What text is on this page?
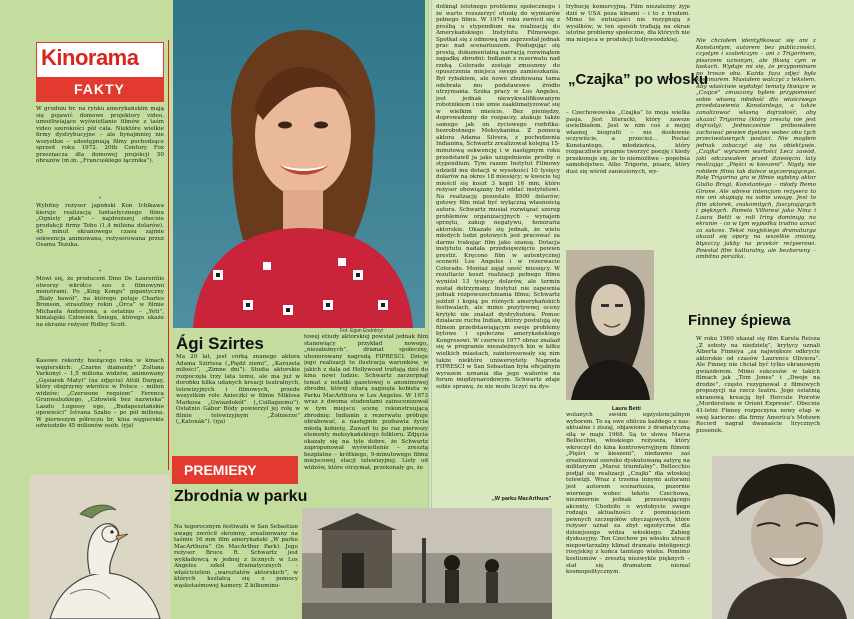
Kinorama
FAKTY

W grudniu br. na rynku amerykańskim mają się pojawić domowe projektory video, umożliwiające wyświetlanie filmów z taśm video szerokości pół cala. Niektóre wielkie firmy dystrybucyjne – ale bynajmniej nie wszystkie – udostępniają filmy pochodzące sprzed roku 1972. 20th Century Fox przeznacza dla domowej projekcji 50 obrazów (m.in. „Francuskiego łącznika”).

*

Wybitny reżyser japoński Kon Ichikawa kieruje realizacją fantastycznego filmu „Ognisty ptak” – najdroższej obecnie produkcji firmy Toho (1,4 miliona dolarów). 45 minut ekranowego czasu zajmie sekwencja animowana, reżyserowana przez Osamu Tezuka.

*

Mówi się, że producent Dino De Laurentiis otworzy wkrótce zoo z filmowymi monstrami. Po „King Kongu” gigantyczny „Biały bawół”, na którego poluje Charles Bronson, straszliwy rekin „Orca” w filmie Michaela Andersona, a ostatnio – „Yeti”, himalajski Człowiek Śniegu, którego ukaże na ekranie reżyser Ridley Scott.

*

Kasowe rekordy bieżącego roku w kinach węgierskich: „Czarne diamenty” Zoltana Varkonyi – 1,5 miliona widzów, animowany „Gęsiarek Matyi” (na zdjęciu) Attili Dargay, który obejrzymy wkrótce w Polsce – milion widzów; „Czerwone requiem” Ferenca Grunwalszkiego, „Człowiek bez nazwiska” Laszlo Lugossy ego, „Budapesztańskie opowieści” Istvana Szabo – po pół miliona. W pierwszym półroczu br. kina węgierskie odwiedziło 45 milionów osób. (rja)

Fot. Egon Endrényi
Ági Szirtes

Ma 20 lat, jest córką znanego aktora Adama Szirtesa („Piędź ziemi”, „Karuzela miłości”, „Zimne dni”). Studia aktorskie rozpoczęła trzy lata temu, ale ma już w dorobku kilka udanych kreacji teatralnych, telewizyjnych i filmowych, przede wszystkim role Aniecżki w filmie Miklosa Markosa „Gwiazdokół” („Csillagzemu”). Ostatnio Gábor Bódy powierzył jej rolę w filmie telewizyjnym „Żołnierze” („Katonák”). (rja)

PREMIERY
Zbrodnia w parku

Na tegorocznym festiwalu w San Sebastian uwagę zwrócił skromny, zrealizowany na taśmie 16 mm film amerykański „W parku MacArthura” (In MacArthur Park). Jego reżyser Bruce R. Schwartz jest wykładowcą w jednej z licznych w Los Angeles szkół dramatycznych – właścicielem „warsztatów aktorskich”, w których kształcą się z pomocy wąskotaśmowej kamery. Z kilkuminu-

towej etiudy aktorskiej powstał jednak film stanowiący przykład nowego, „niezależnych”, dramat społeczny, uhonorowany nagrodą FIPRESCI. Dzieje jego realizacji to ilustracja warunków, w jakich z dala od Hollywood trafiają dziś do kina nowi ludzie. Schwartz zaczerpnął temat z notatki gazetowej o anonimowej zbrodni, której ofiarą zaginęła kobieta w Parku MacArthura w Los Angeles. W 1973 wraz z dwoma studentami zainscenizował w tym miejscu scenę rekonstruującą zbrodnię: Indianin z rezerwatu próbuje obrabować, a następnie pozbawia życia młodą kobietę. Zawarł tu po raz pierwszy elementy meksykańskiego folkloru. Zdjęcia okazały się na tyle dobre, że Schwartz zaproponował wyświetlenie – zresztą bezpłatne – krótkiego, 9-minutowego filmu miejscowej stacji telewizyjnej. Listy od widzów, które otrzymał, przekonały go, że

dotknął istotnego problemu społecznego i że warto rozszerzyć etiudę do wymiarów pełnego filmu. W 1974 roku zwrócił się z prośbą o stypendium na realizację do Amerykańskiego Instytutu Filmowego. Spotkał się z odmową nie zaprzestał jednak prac nad scenariuszem. Posługując się prostą, dokumentalną narracją rozwinąłem zagadkę zbrodni: Indianin z rezerwatu nad rzeką Colorado zostaje zmuszony do opuszczenia miejsca swego zamieszkania. Był rybakiem, ale nowo zbudowana tama odebrała mu podstawowe źródło utrzymania. Szuka pracy w Los Angeles, jest jednak niewykwalifikowanym robotnikiem i nie umie zaaklimatyzować się w wielkim mieście. Bez pieniędzy, doprowadzony do rozpaczy, atakuje także samego jak on życiowego rozbitka: bezrobotnego Meksykanina. Z pomocą aktora Adama Silvera, z pochodzenia Indianina, Schwartz zrealizował kolejną 15-minutową sekwencję i w następnym roku przedstawił ja jako uzupełnienie prośby o stypendium. Tym razem Instytut Filmowy udzielił mu dotacji w wysokości 10 tysięcy dolarów na okres 18 miesięcy; w kwocie tej mieścił się koszt 3 kopii 16 mm, które reżyser obowiązany był oddać instytutowi. Na realizację pozostało 8500 dolarów; gotowy film miał być wyłączną własnością autora. Schwartz musiał rozwiązać szereg problemów organizacyjnych – wynajem sprzętu, zakup negatywu, honoraria aktorskie. Okazało się jednak, że wielu młodych ludzi gotowych jest pracować za darmo trakując film jako szansę. Dotacja instytutu nadała przedsięwzięciu pewien prestiż. Kręcono film w autentycznej scenerii Los Angeles i w rezerwacie Colorado. Montaż zajął sześć miesięcy. W rezultacie koszt realizacji pełnego filmu wyniósł 13 tysięcy dolarów, ale termin został dotrzymany. Instytut nie zapewnia jednak rozpowszechniania filmu; Schwartz jeździł i kopią po różnych amerykańskich festiwalach, ale mimo pozytywnej oceny krytyki nie znalazł dystrybutora. Pomoc działacze ruchu Indian, którzy postulują się filmem przedstawiającym swoje problemy bytowe i społeczne amerykańskiego Kongresowi. W czerwcu 1977 obraz znalazł się w programie niezależnych kin w kilku wielkich miastach, zainteresowały się nim także niektóre uniwersytety. Nagroda FIPRESCI w San Sebastian była oficjalnym wyrazem uznania dla jego walorów na forum międzynarodowym. Schwartz zdaje sobie sprawę, że nie może liczyć na dys-

trybucję komercyjną. Film niezależny żyje dziś w USA poza kinami – i to z trudem. Mimo to entuzjaści nie rezygnują z wysiłków; w ten sposób trafiają na ekran istotne problemy społeczne, dla których nie ma miejsca w produkcji hollywoodzkiej.

„Czajka” po włosku

– Czechowowska „Czajka” to moja wielka pasja. Jest literacki, który zawsze uwielbiałem. Jest w nim coś z mojej własnej biografii – nie dosłownie oczywiście, a przecież… Postać Konstantego, młodzieńca, który rozpaczliwie pragnie tworzyć poezję i kiedy przekonuje się, że to niemożliwe – popełnia samobójstwo. Albo Trigorin, pisarz, który dusi się wśród zaniesionych, wy-

Laura Betti

wolanych swoim egzystencjalnym wyborem. To są owe oblicza każdego z nas: aktualne i ziszaj, objawione z dramatyczną siłą w maju 1968. Są to słowa Marca Bellocchio, włoskiego reżysera, który wkroczył do kina kontrowersyjnym filmem „Pięści w kieszeni”, niedawno zaś zrealizował szeroko dyskutowaną satyrę na militaryzm „Marsz triumfalny”. Bellocchio podjął się realizacji „Czajki” dla włoskiej telewizji. Wraz z trzema innymi autorami jest autorem scenariusza, pozornie wiernego wobec tekstu Czechowa, niezmiernie jednak przesuwającego akcenty. Chodziło o wydobycie swego rodzaju aktualności z pominięciem pewnych szczegółów obyczajowych, które reżyser uznał za zbyt egzotyczne dla dzisiejszego widza włoskiego. Zabieg dyskusyjny. Ten Czechow po włosku utracił niepowtarzalny klimat dramatu inteligencji rosyjskiej z końca tamtego wieku. Pomimo kostiumów – zresztą niezwykle pięknych – stał się dramatem niemal kosmopolitycznym.

„W parku MacArthura”

Nie chciałem identyfikować się ani z Konstantym, autorem bez publiczności, czystym i szaleńczym – ani z Trigorinem, pisarzem uznanym, ale fikwią cym w łaskach. Wydaje mi się, że przypominam po trosze obu. Każda faza zdjęć była koszmarem. Musiałem walczyć z tekstem. Aby właściwie wydobyć tematy tkwiące w „Czajce” zmuszony byłem przypomnieć sobie własną młodość dla właściwego przedstawienia Konstantego, a także zanalizować własną dojrzałość, aby ukazać Trigorina (który zresztą nie jest dojrzały). Jednocześnie próbowałem zachować pewien dystans wobec obu tych przeciwstawnych postaci. Nie mogłem jednak zobaczyć się na obiektywie. „Czajka” wyrazem wartości Lecz zawód, jaki odczuwałem przed dziesięciu laty realizując „Pięści w kieszeni”. Nigdy nie robiłem filmu tak dalece wyczerpującego. Rolę Trigorina gra w filmie wybitny aktor Giulio Brogi, Konstantego – młody Remo Girone. Ale wbrew intencjom reżysera to nie oni skupiają na sobie uwagę. Jest to film aktorek, znakomitych, fascynujących i pięknych. Pamela Villoresi jako Nina i Laura Betti w roli Iriny dominują na ekranie – co w tym wypadku trudno uznać za sukces. Tekst rosyjskiego dramaturga okazał się opory na wszelkie zmiany, błyszczy jakby na przekór reżyserowi. Powstał film kulturalny, ale bezbarwny – ambitna porażka.

Finney śpiewa

W roku 1960 ukazał się film Karela Reisza „Z soboty na niedzielę”, krytycy uznali Alberta Finneya „za największe odkrycie aktorskie od czasów Laurence Oliviera”. Ale Finney nie chciał być tylko ekranowym gwiazdorem. Mimo sukcesów w takich filmach jak „Tom Jones” i „Dwoje na drodze”, często rezygnował z filmowych propozycji na rzecz teatru. Jego ostatnią ekranową kreacją był Hercule Poirotw „Morderstwie w Orient Expresie”. Obecnie 41-letni Finney rozpoczyna nowy etap w swej karierze: dla firmy America's Motown Record nagrał dwanaście lirycznych piosenek.
